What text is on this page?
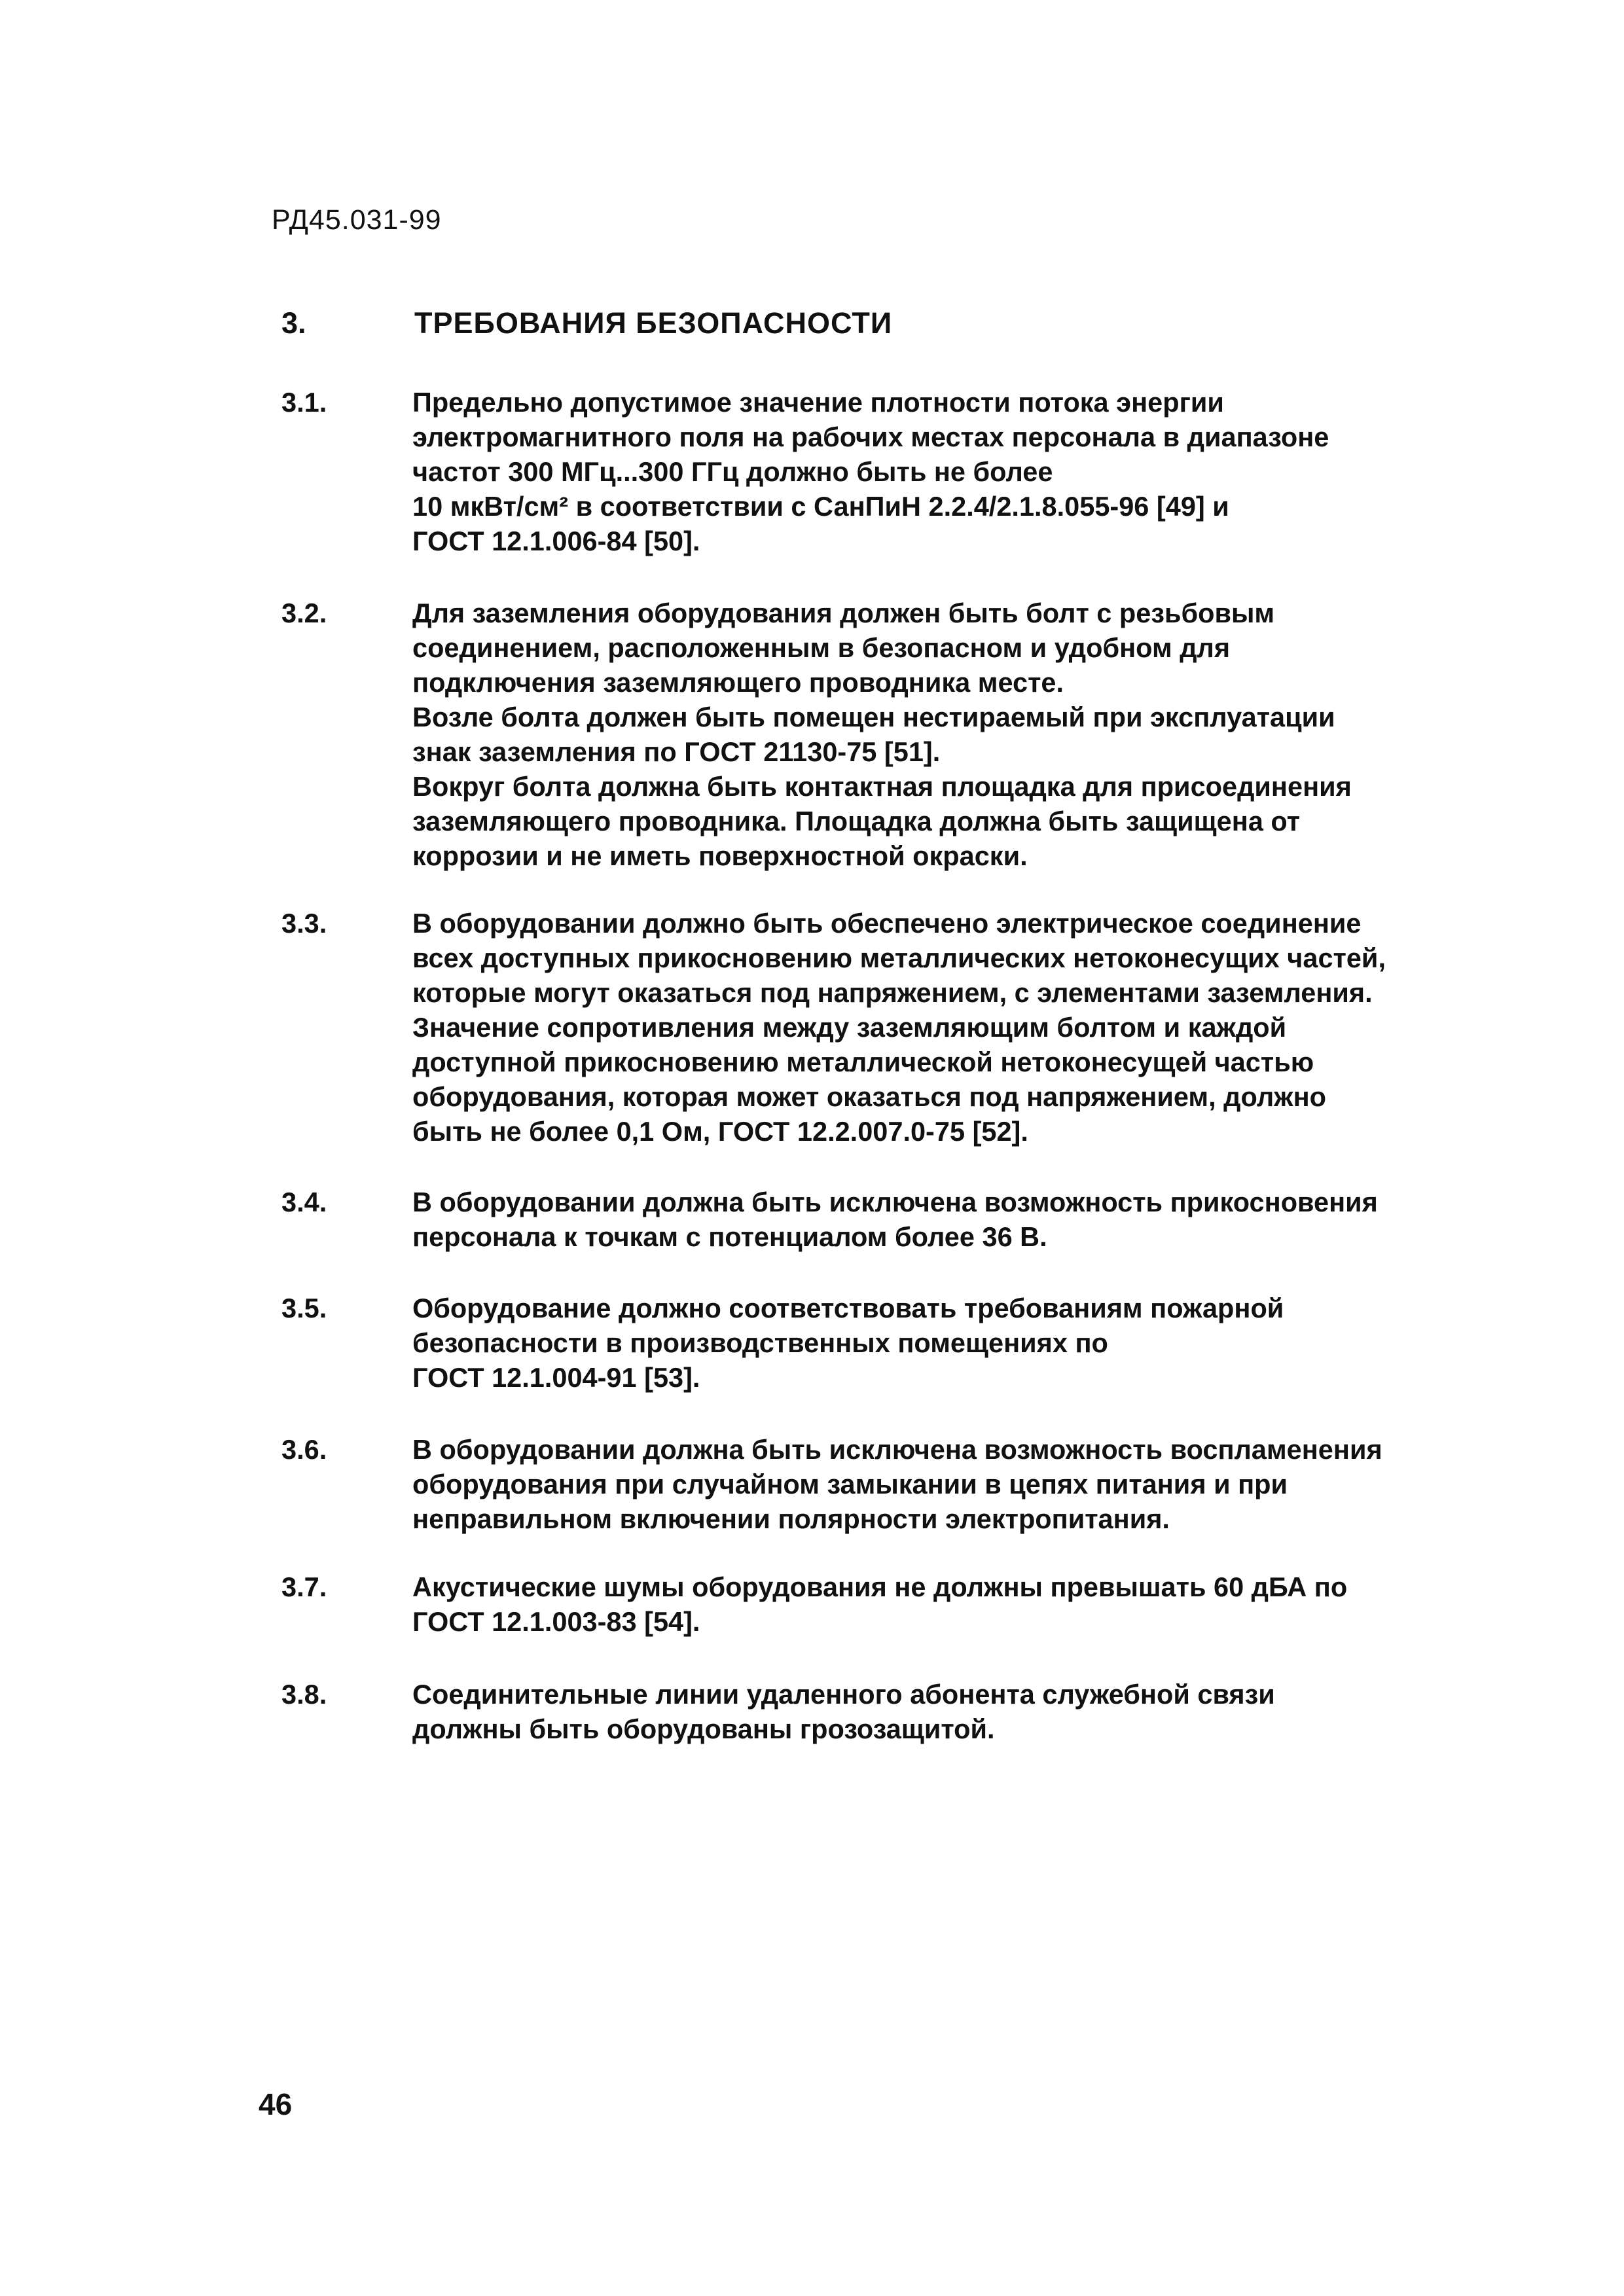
РД45.031-99
3.	ТРЕБОВАНИЯ БЕЗОПАСНОСТИ
3.1.	Предельно допустимое значение плотности потока энергии
электромагнитного поля на рабочих местах персонала в диапазоне
частот 300 МГц...300 ГГц должно быть не более
10 мкВт/см² в соответствии с СанПиН 2.2.4/2.1.8.055-96 [49] и
ГОСТ 12.1.006-84 [50].
3.2.	Для заземления оборудования должен быть болт с резьбовым
соединением, расположенным в безопасном и удобном для
подключения заземляющего проводника месте.
Возле болта должен быть помещен нестираемый при эксплуатации
знак заземления по ГОСТ 21130-75 [51].
Вокруг болта должна быть контактная площадка для присоединения
заземляющего проводника. Площадка должна быть защищена от
коррозии и не иметь поверхностной окраски.
3.3.	В оборудовании должно быть обеспечено электрическое соединение
всех доступных прикосновению металлических нетоконесущих частей,
которые могут оказаться под напряжением, с элементами заземления.
Значение сопротивления между заземляющим болтом и каждой
доступной прикосновению металлической нетоконесущей частью
оборудования, которая может оказаться под напряжением, должно
быть не более 0,1 Ом, ГОСТ 12.2.007.0-75 [52].
3.4.	В оборудовании должна быть исключена возможность прикосновения
персонала к точкам с потенциалом более 36 В.
3.5.	Оборудование должно соответствовать требованиям пожарной
безопасности в производственных помещениях по
ГОСТ 12.1.004-91 [53].
3.6.	В оборудовании должна быть исключена возможность воспламенения
оборудования при случайном замыкании в цепях питания и при
неправильном включении полярности электропитания.
3.7.	Акустические шумы оборудования не должны превышать 60 дБА по
ГОСТ 12.1.003-83 [54].
3.8.	Соединительные линии удаленного абонента служебной связи
должны быть оборудованы грозозащитой.
46
